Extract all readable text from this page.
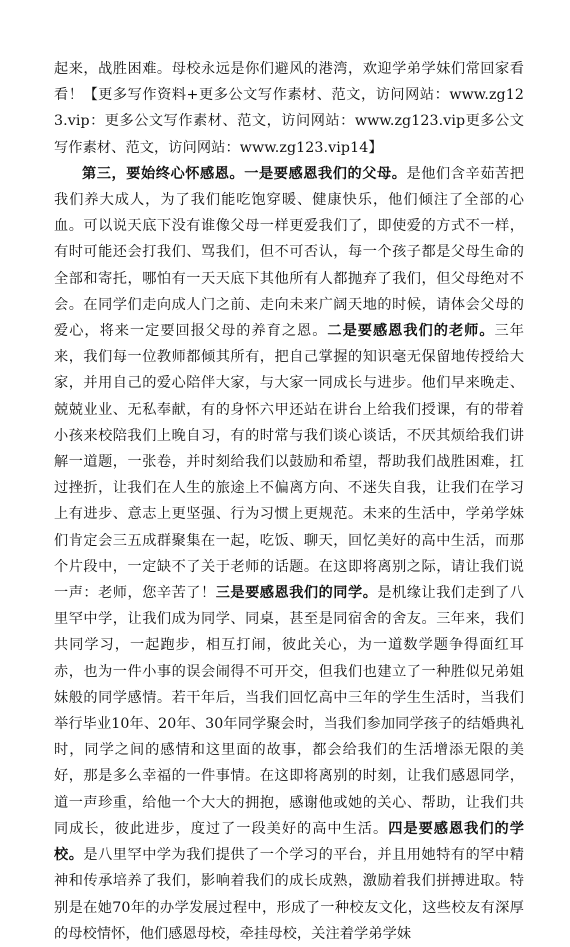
起来，战胜困难。母校永远是你们避风的港湾，欢迎学弟学妹们常回家看看！【更多写作资料+更多公文写作素材、范文，访问网站：www.zg123.vip：更多公文写作素材、范文，访问网站：www.zg123.vip更多公文写作素材、范文，访问网站：www.zg123.vip14】

第三，要始终心怀感恩。一是要感恩我们的父母。是他们含辛茹苦把我们养大成人，为了我们能吃饱穿暖、健康快乐，他们倾注了全部的心血。可以说天底下没有谁像父母一样更爱我们了，即使爱的方式不一样，有时可能还会打我们、骂我们，但不可否认，每一个孩子都是父母生命的全部和寄托，哪怕有一天天底下其他所有人都抛弃了我们，但父母绝对不会。在同学们走向成人门之前、走向未来广阔天地的时候，请体会父母的爱心，将来一定要回报父母的养育之恩。二是要感恩我们的老师。三年来，我们每一位教师都倾其所有，把自己掌握的知识毫无保留地传授给大家，并用自己的爱心陪伴大家，与大家一同成长与进步。他们早来晚走、兢兢业业、无私奉献，有的身怀六甲还站在讲台上给我们授课，有的带着小孩来校陪我们上晚自习，有的时常与我们谈心谈话，不厌其烦给我们讲解一道题，一张卷，并时刻给我们以鼓励和希望，帮助我们战胜困难，扛过挫折，让我们在人生的旅途上不偏离方向、不迷失自我，让我们在学习上有进步、意志上更坚强、行为习惯上更规范。未来的生活中，学弟学妹们肯定会三五成群聚集在一起，吃饭、聊天，回忆美好的高中生活，而那个片段中，一定缺不了关于老师的话题。在这即将离别之际，请让我们说一声：老师，您辛苦了！三是要感恩我们的同学。是机缘让我们走到了八里罕中学，让我们成为同学、同桌，甚至是同宿舍的舍友。三年来，我们共同学习，一起跑步，相互打闹，彼此关心，为一道数学题争得面红耳赤，也为一件小事的误会闹得不可开交，但我们也建立了一种胜似兄弟姐妹般的同学感情。若干年后，当我们回忆高中三年的学生生活时，当我们举行毕业10年、20年、30年同学聚会时，当我们参加同学孩子的结婚典礼时，同学之间的感情和这里面的故事，都会给我们的生活增添无限的美好，那是多么幸福的一件事情。在这即将离别的时刻，让我们感恩同学，道一声珍重，给他一个大大的拥抱，感谢他或她的关心、帮助，让我们共同成长，彼此进步，度过了一段美好的高中生活。四是要感恩我们的学校。是八里罕中学为我们提供了一个学习的平台，并且用她特有的罕中精神和传承培养了我们，影响着我们的成长成熟，激励着我们拼搏进取。特别是在她70年的办学发展过程中，形成了一种校友文化，这些校友有深厚的母校情怀，他们感恩母校，牵挂母校，关注着学弟学妹
